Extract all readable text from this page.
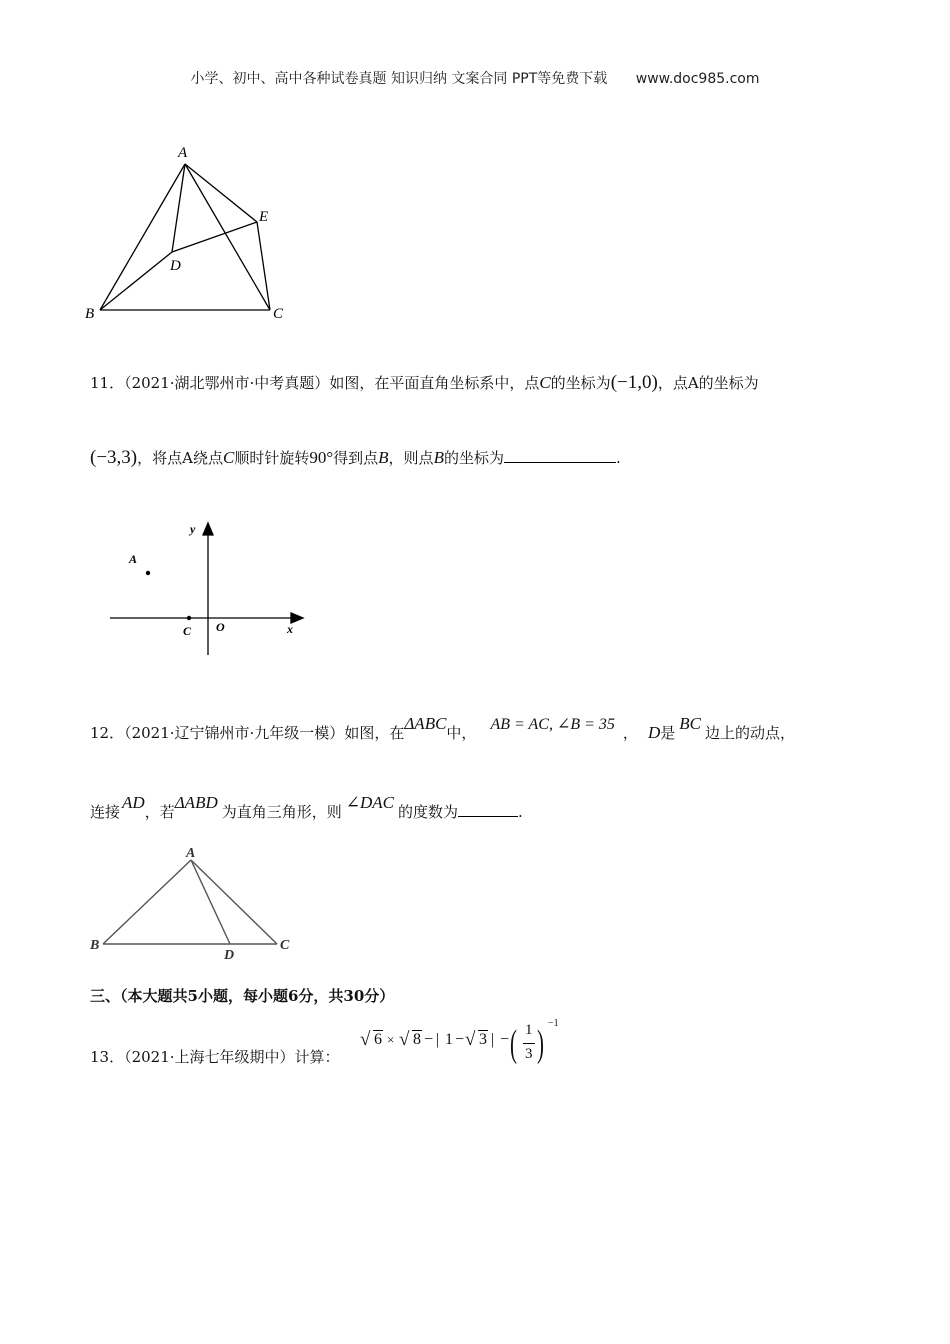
小学、初中、高中各种试卷真题 知识归纳 文案合同 PPT等免费下载 www.doc985.com
A
B	C
D
E
11．（2021·湖北鄂州市·中考真题）如图，在平面直角坐标系中，点C的坐标为(−1,0)，点A的坐标为
(−3,3)，将点A绕点C顺时针旋转90°得到点B，则点B的坐标为	.
y
A
C O	x
12．（2021·辽宁锦州市·九年级一模）如图，在ΔABC中， AB = AC, ∠B = 35 ， D是 BC 边上的动点，
连接 AD，若ΔABD 为直角三角形，则 ∠DAC 的度数为	.
A
B	C
D
三、（本大题共5小题，每小题6分，共30分）
13．（2021·上海七年级期中）计算：
√ 6 × √ 8 − | 1 − √ 3 | − ( 1
3 ) −1
